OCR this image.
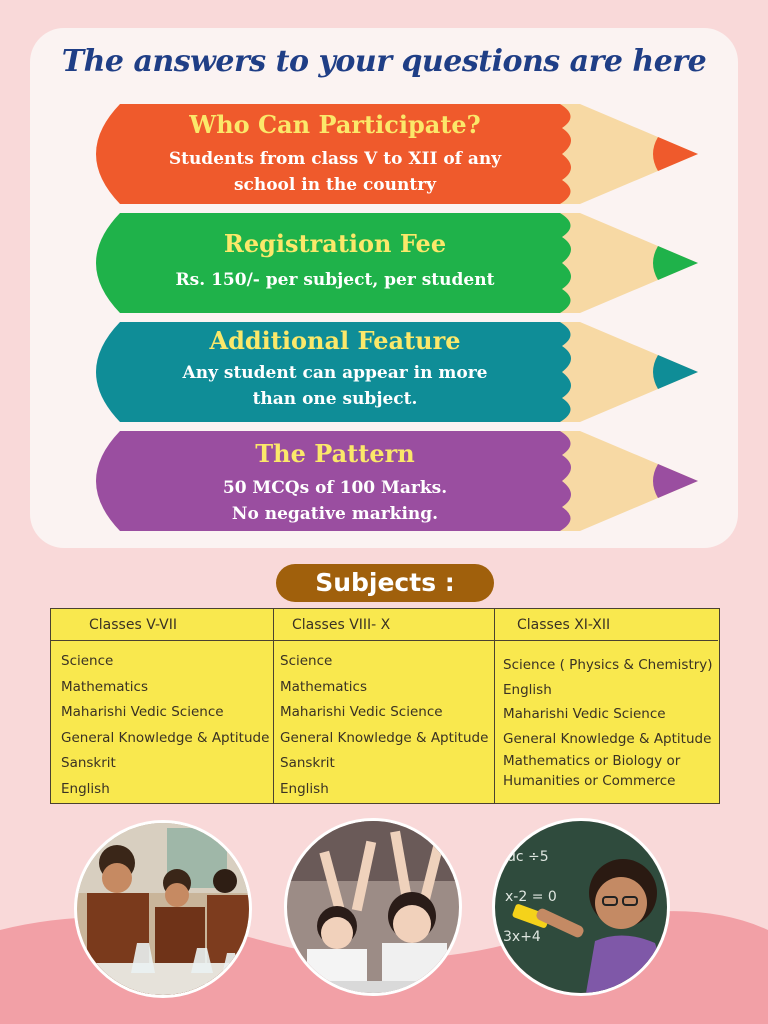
The answers to your questions are here
Who Can Participate?
Students from class V to XII of any
school in the country
Registration Fee
Rs. 150/- per subject, per student
Additional Feature
Any student can appear in more
than one subject.
The Pattern
50 MCQs of 100 Marks.
No negative marking.
Subjects :
Classes V-VII
Science
Mathematics
Maharishi Vedic Science
General Knowledge & Aptitude
Sanskrit
English
Classes VIII- X
Science
Mathematics
Maharishi Vedic Science
General Knowledge & Aptitude
Sanskrit
English
Classes XI-XII
Science ( Physics & Chemistry)
English
Maharishi Vedic Science
General Knowledge & Aptitude
Mathematics or Biology or
Humanities or Commerce
dc ÷5
x-2 = 0
3x+4
